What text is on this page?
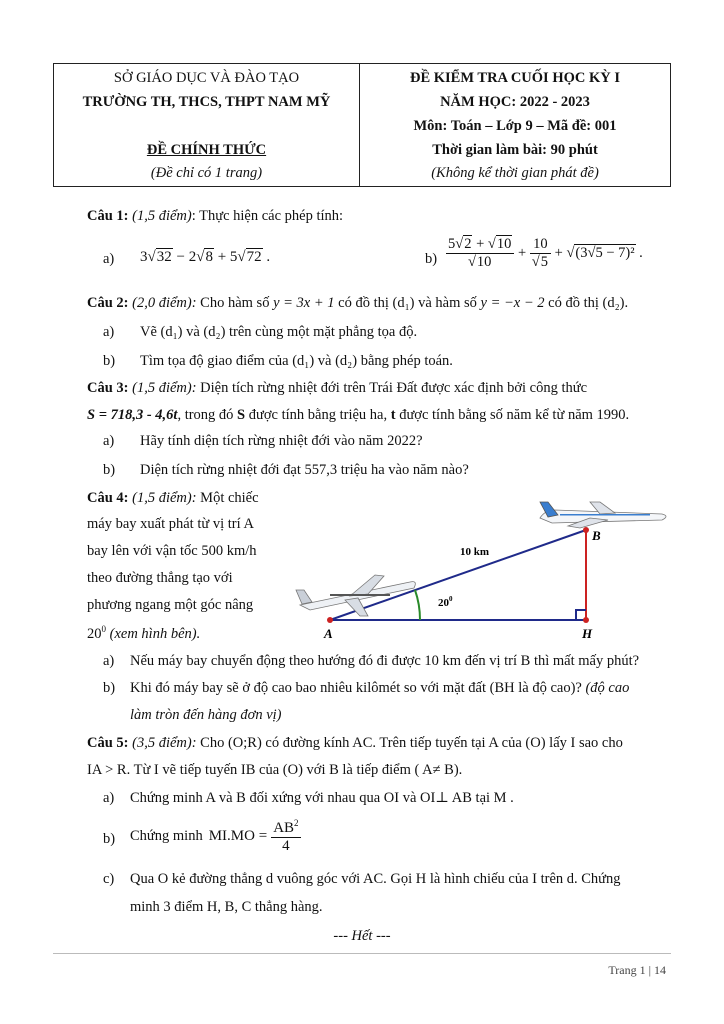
SỞ GIÁO DỤC VÀ ĐÀO TẠO
TRƯỜNG TH, THCS, THPT NAM MỸ
ĐỀ CHÍNH THỨC
(Đề chỉ có 1 trang)
ĐỀ KIỂM TRA CUỐI HỌC KỲ I
NĂM HỌC: 2022 - 2023
Môn: Toán – Lớp 9 – Mã đề: 001
Thời gian làm bài: 90 phút
(Không kể thời gian phát đề)
Câu 1: (1,5 điểm): Thực hiện các phép tính:
a) 3√32 − 2√8 + 5√72 .	$b) \frac{5√2 + √10}{√10} + \frac{10}{√5} + √(3√5 - 7)^2$ .
Câu 2: (2,0 điểm): Cho hàm số y = 3x + 1 có đồ thị (d₁) và hàm số y = −x − 2 có đồ thị (d₂).
a) Vẽ (d₁) và (d₂) trên cùng một mặt phẳng tọa độ.
b) Tìm tọa độ giao điểm của (d₁) và (d₂) bằng phép toán.
Câu 3: (1,5 điểm): Diện tích rừng nhiệt đới trên Trái Đất được xác định bởi công thức
S = 718,3 - 4,6t, trong đó S được tính bằng triệu ha, t được tính bằng số năm kể từ năm 1990.
a) Hãy tính diện tích rừng nhiệt đới vào năm 2022?
b) Diện tích rừng nhiệt đới đạt 557,3 triệu ha vào năm nào?
Câu 4: (1,5 điểm): Một chiếc
máy bay xuất phát từ vị trí A
bay lên với vận tốc 500 km/h
theo đường thẳng tạo với
phương ngang một góc nâng
$20^0$ (xem hình bên).
10 km
$20^0$
A
B
H
a) Nếu máy bay chuyển động theo hướng đó đi được 10 km đến vị trí B thì mất mấy phút?
b) Khi đó máy bay sẽ ở độ cao bao nhiêu kilômét so với mặt đất (BH là độ cao)? (độ cao
làm tròn đến hàng đơn vị)
Câu 5: (3,5 điểm): Cho (O;R) có đường kính AC. Trên tiếp tuyến tại A của (O) lấy I sao cho
IA > R. Từ I vẽ tiếp tuyến IB của (O) với B là tiếp điểm ( A≠ B).
a) Chứng minh A và B đối xứng với nhau qua OI và OI⊥ AB tại M .
b) Chứng minh $MI.MO = \frac{AB^2}{4}$
c) Qua O kẻ đường thẳng d vuông góc với AC. Gọi H là hình chiếu của I trên d. Chứng
minh 3 điểm H, B, C thẳng hàng.
--- Hết ---
Trang 1 | 14
